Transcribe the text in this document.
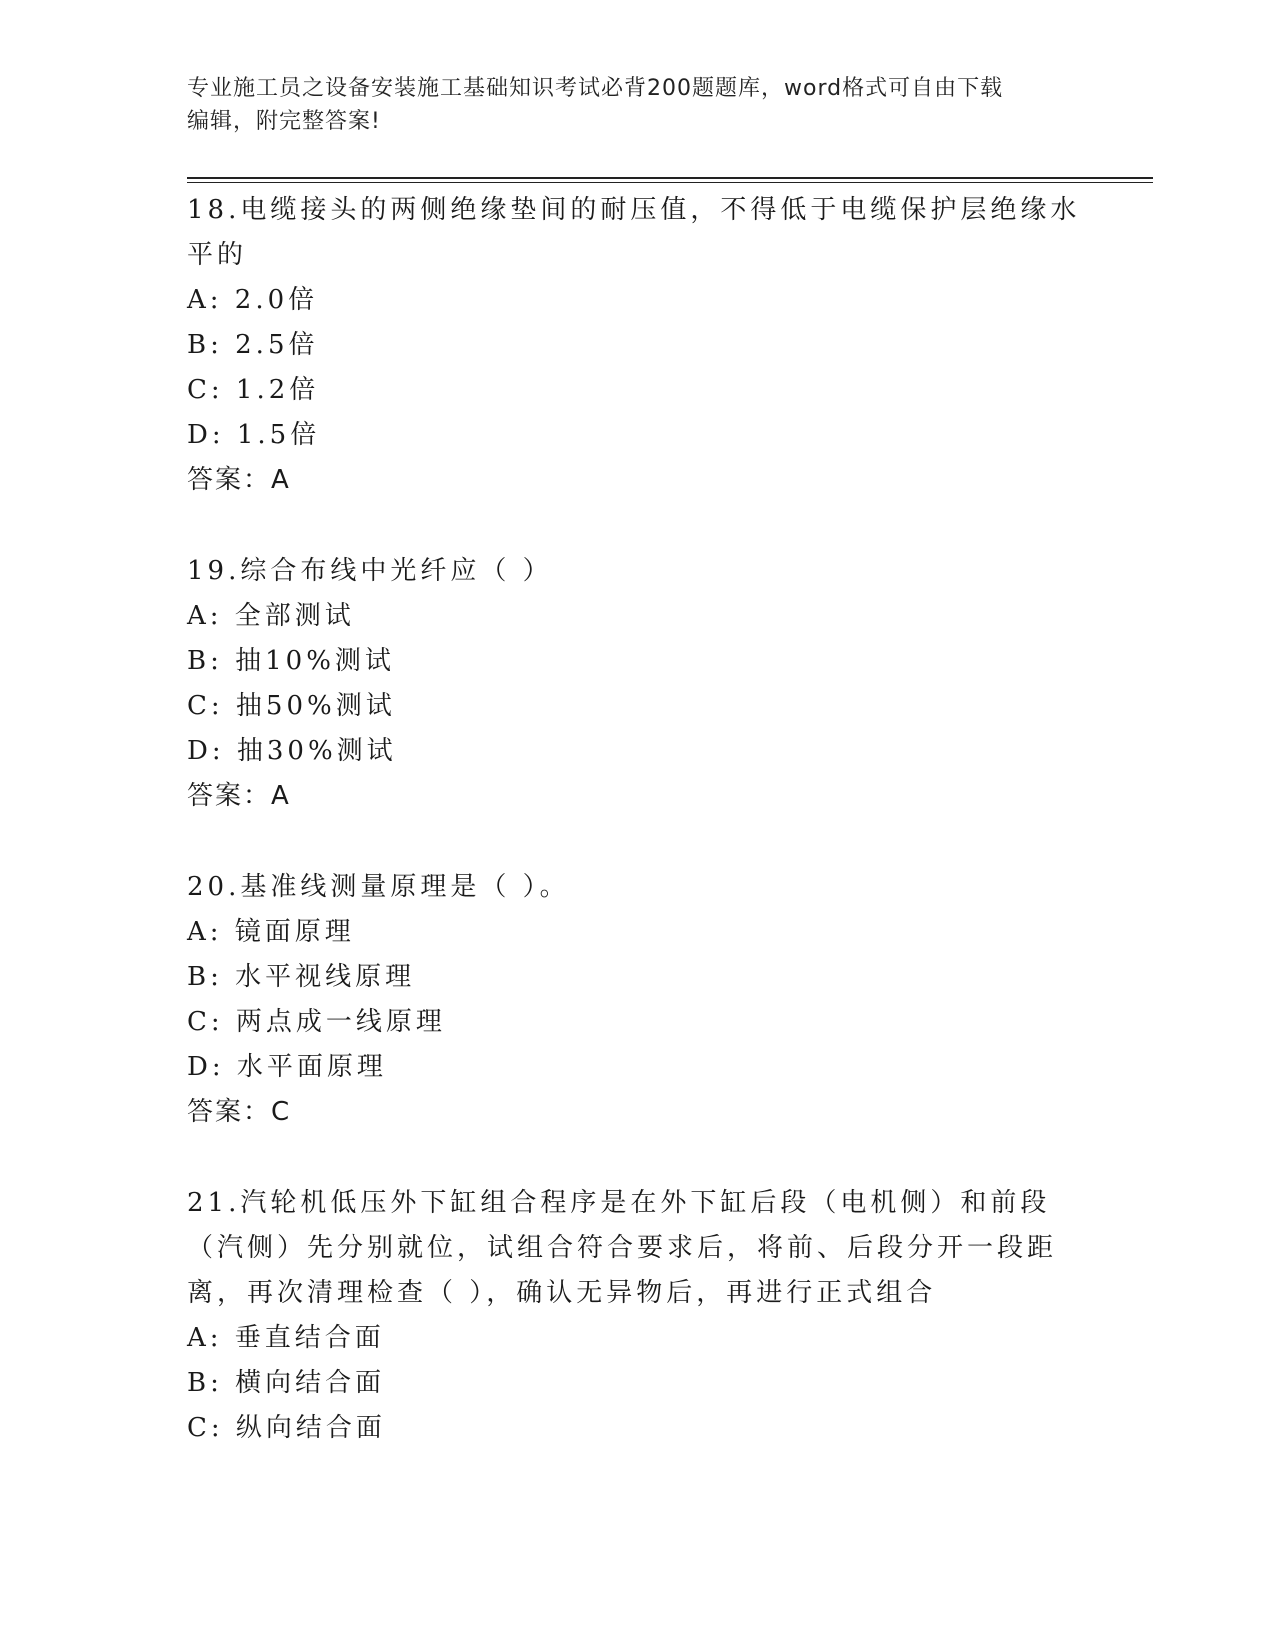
专业施工员之设备安装施工基础知识考试必背200题题库，word格式可自由下载
编辑，附完整答案!

18.电缆接头的两侧绝缘垫间的耐压值，不得低于电缆保护层绝缘水平的

A: 2.0倍

B: 2.5倍

C: 1.2倍

D: 1.5倍

答案：A

19.综合布线中光纤应（ ）

A: 全部测试

B: 抽10%测试

C: 抽50%测试

D: 抽30%测试

答案：A

20.基准线测量原理是（ ）。

A: 镜面原理

B: 水平视线原理

C: 两点成一线原理

D: 水平面原理

答案：C

21.汽轮机低压外下缸组合程序是在外下缸后段（电机侧）和前段（汽侧）先分别就位，试组合符合要求后，将前、后段分开一段距离，再次清理检查（ ），确认无异物后，再进行正式组合

A: 垂直结合面

B: 横向结合面

C: 纵向结合面
